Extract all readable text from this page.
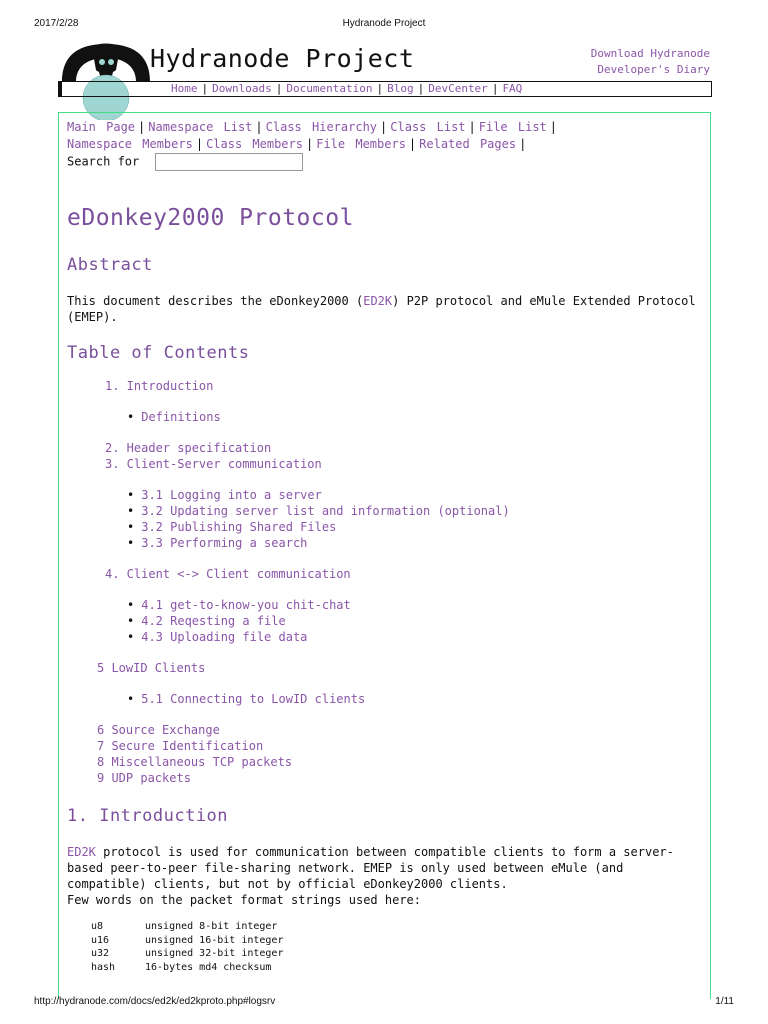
2017/2/28	Hydranode Project
Hydranode Project	Download Hydranode
Developer's Diary
Home | Downloads | Documentation | Blog | DevCenter | FAQ
Main Page | Namespace List | Class Hierarchy | Class List | File List |
Namespace Members | Class Members | File Members | Related Pages |
Search for
eDonkey2000 Protocol
Abstract

This document describes the eDonkey2000 (ED2K) P2P protocol and eMule Extended Protocol (EMEP).

Table of Contents
1. Introduction
• Definitions
2. Header specification
3. Client-Server communication
• 3.1 Logging into a server
• 3.2 Updating server list and information (optional)
• 3.2 Publishing Shared Files
• 3.3 Performing a search
4. Client <-> Client communication
• 4.1 get-to-know-you chit-chat
• 4.2 Reqesting a file
• 4.3 Uploading file data
5 LowID Clients
• 5.1 Connecting to LowID clients
6 Source Exchange
7 Secure Identification
8 Miscellaneous TCP packets
9 UDP packets
1. Introduction

ED2K protocol is used for communication between compatible clients to form a server-based peer-to-peer file-sharing network. EMEP is only used between eMule (and compatible) clients, but not by official eDonkey2000 clients.
Few words on the packet format strings used here:

u8	unsigned 8-bit integer
u16	unsigned 16-bit integer
u32	unsigned 32-bit integer
hash	16-bytes md4 checksum
http://hydranode.com/docs/ed2k/ed2kproto.php#logsrv	1/11
